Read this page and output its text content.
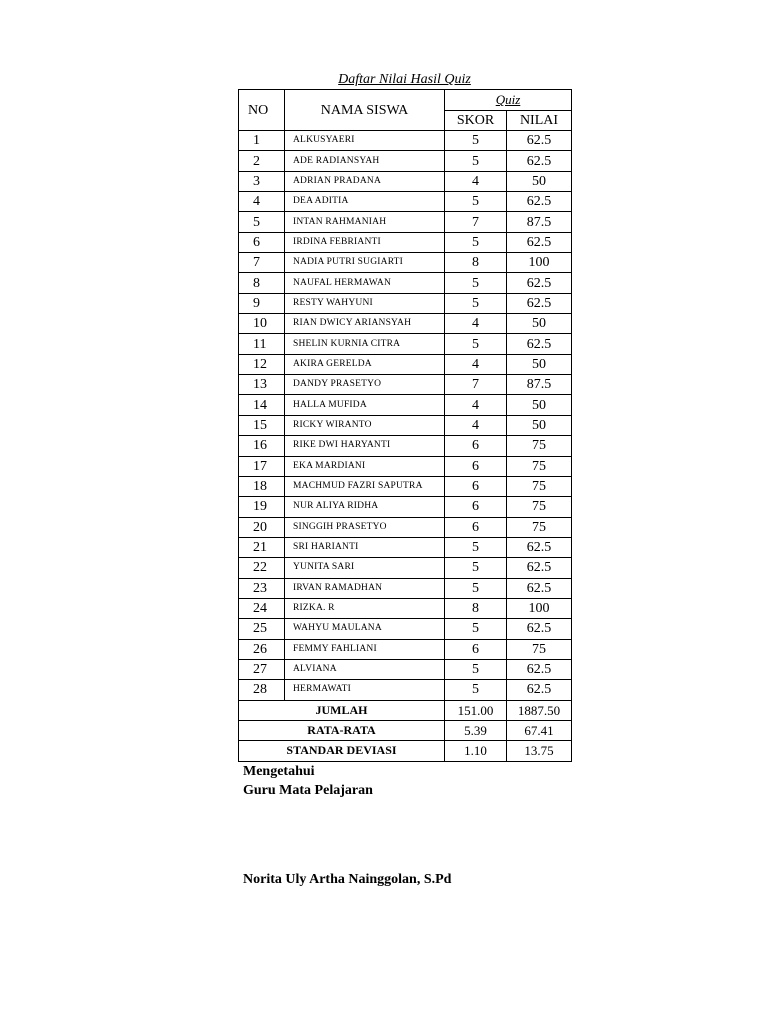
Daftar Nilai Hasil Quiz
NO	NAMA SISWA	Quiz	
		SKOR	NILAI
1	ALKUSYAERI	5	62.5
2	ADE RADIANSYAH	5	62.5
3	ADRIAN PRADANA	4	50
4	DEA ADITIA	5	62.5
5	INTAN RAHMANIAH	7	87.5
6	IRDINA FEBRIANTI	5	62.5
7	NADIA PUTRI SUGIARTI	8	100
8	NAUFAL HERMAWAN	5	62.5
9	RESTY WAHYUNI	5	62.5
10	RIAN DWICY ARIANSYAH	4	50
11	SHELIN KURNIA CITRA	5	62.5
12	AKIRA GERELDA	4	50
13	DANDY PRASETYO	7	87.5
14	HALLA MUFIDA	4	50
15	RICKY WIRANTO	4	50
16	RIKE DWI HARYANTI	6	75
17	EKA MARDIANI	6	75
18	MACHMUD FAZRI SAPUTRA	6	75
19	NUR ALIYA RIDHA	6	75
20	SINGGIH PRASETYO	6	75
21	SRI HARIANTI	5	62.5
22	YUNITA SARI	5	62.5
23	IRVAN RAMADHAN	5	62.5
24	RIZKA. R	8	100
25	WAHYU MAULANA	5	62.5
26	FEMMY FAHLIANI	6	75
27	ALVIANA	5	62.5
28	HERMAWATI	5	62.5
JUMLAH		151.00	1887.50
RATA-RATA		5.39	67.41
STANDAR DEVIASI		1.10	13.75
Mengetahui
Guru Mata Pelajaran
Norita Uly Artha Nainggolan, S.Pd
